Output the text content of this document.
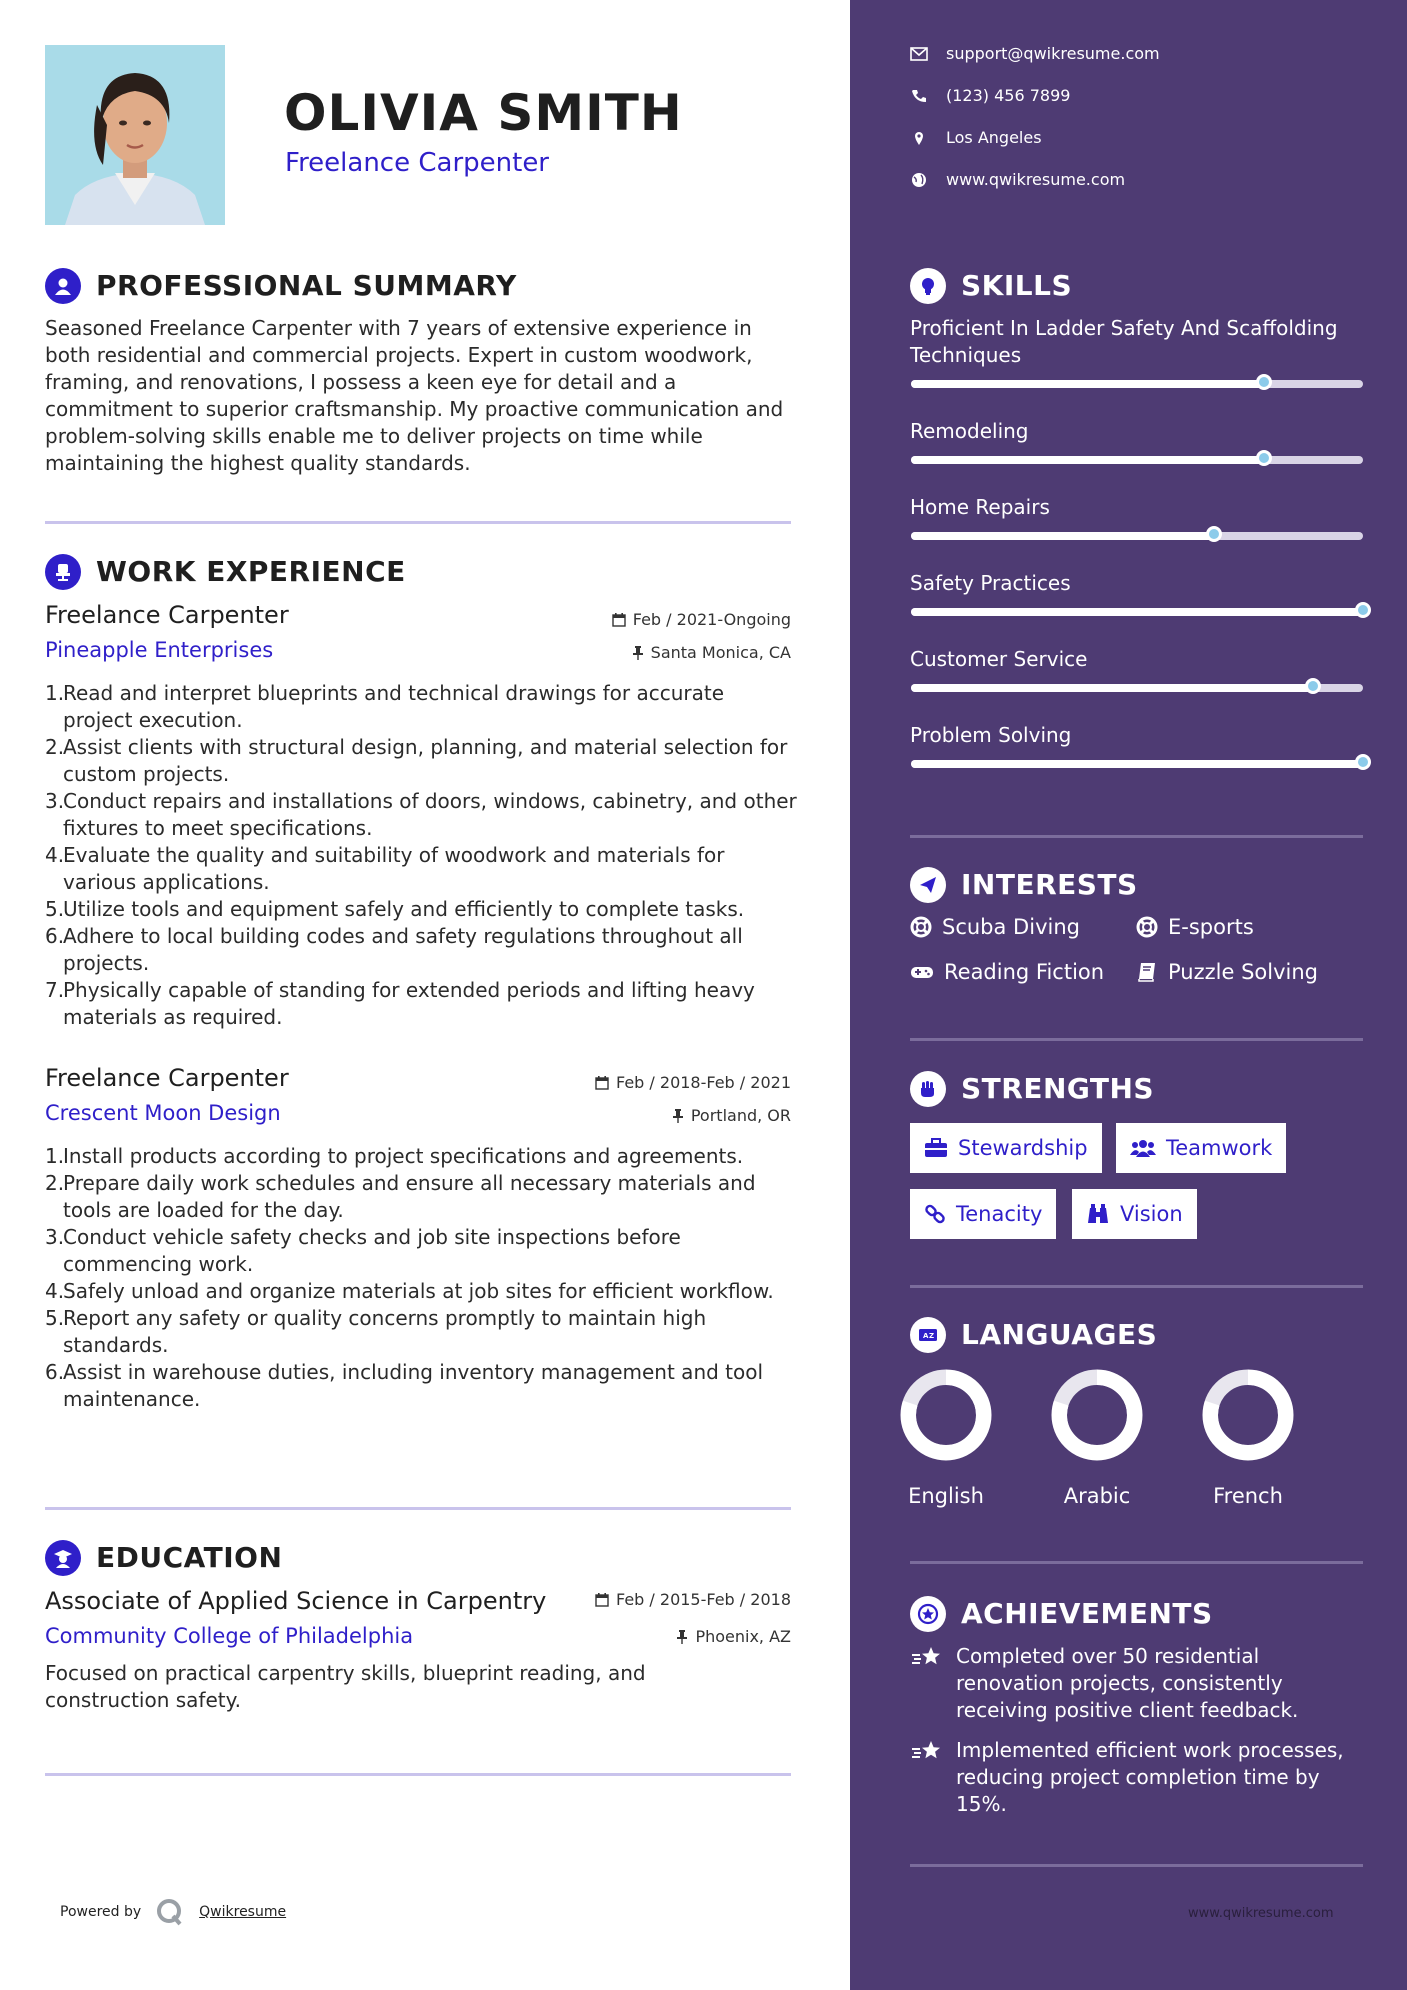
OLIVIA SMITH
Freelance Carpenter
PROFESSIONAL SUMMARY
Seasoned Freelance Carpenter with 7 years of extensive experience in both residential and commercial projects. Expert in custom woodwork, framing, and renovations, I possess a keen eye for detail and a commitment to superior craftsmanship. My proactive communication and problem-solving skills enable me to deliver projects on time while maintaining the highest quality standards.
WORK EXPERIENCE
Freelance Carpenter	Feb / 2021-Ongoing
Pineapple Enterprises	Santa Monica, CA
1.
Read and interpret blueprints and technical drawings for accurate project execution.
2.
Assist clients with structural design, planning, and material selection for custom projects.
3.
Conduct repairs and installations of doors, windows, cabinetry, and other fixtures to meet specifications.
4.
Evaluate the quality and suitability of woodwork and materials for various applications.
5.
Utilize tools and equipment safely and efficiently to complete tasks.
6.
Adhere to local building codes and safety regulations throughout all projects.
7.
Physically capable of standing for extended periods and lifting heavy materials as required.
Freelance Carpenter	Feb / 2018-Feb / 2021
Crescent Moon Design	Portland, OR
1.
Install products according to project specifications and agreements.
2.
Prepare daily work schedules and ensure all necessary materials and tools are loaded for the day.
3.
Conduct vehicle safety checks and job site inspections before commencing work.
4.
Safely unload and organize materials at job sites for efficient workflow.
5.
Report any safety or quality concerns promptly to maintain high standards.
6.
Assist in warehouse duties, including inventory management and tool maintenance.
EDUCATION
Associate of Applied Science in Carpentry	Feb / 2015-Feb / 2018
Community College of Philadelphia	Phoenix, AZ
Focused on practical carpentry skills, blueprint reading, and construction safety.
Powered by	Qwikresume
support@qwikresume.com
(123) 456 7899
Los Angeles
www.qwikresume.com
SKILLS
INTERESTS
Scuba Diving	E-sports
Reading Fiction	Puzzle Solving
STRENGTHS
Stewardship	Teamwork
Tenacity	Vision
A Z LANGUAGES
ACHIEVEMENTS
Completed over 50 residential renovation projects, consistently receiving positive client feedback.
Implemented efficient work processes, reducing project completion time by 15%.
www.qwikresume.com
Proficient In Ladder Safety And Scaffolding Techniques
Remodeling
Home Repairs
Safety Practices
Customer Service
Problem Solving
English	Arabic	French
